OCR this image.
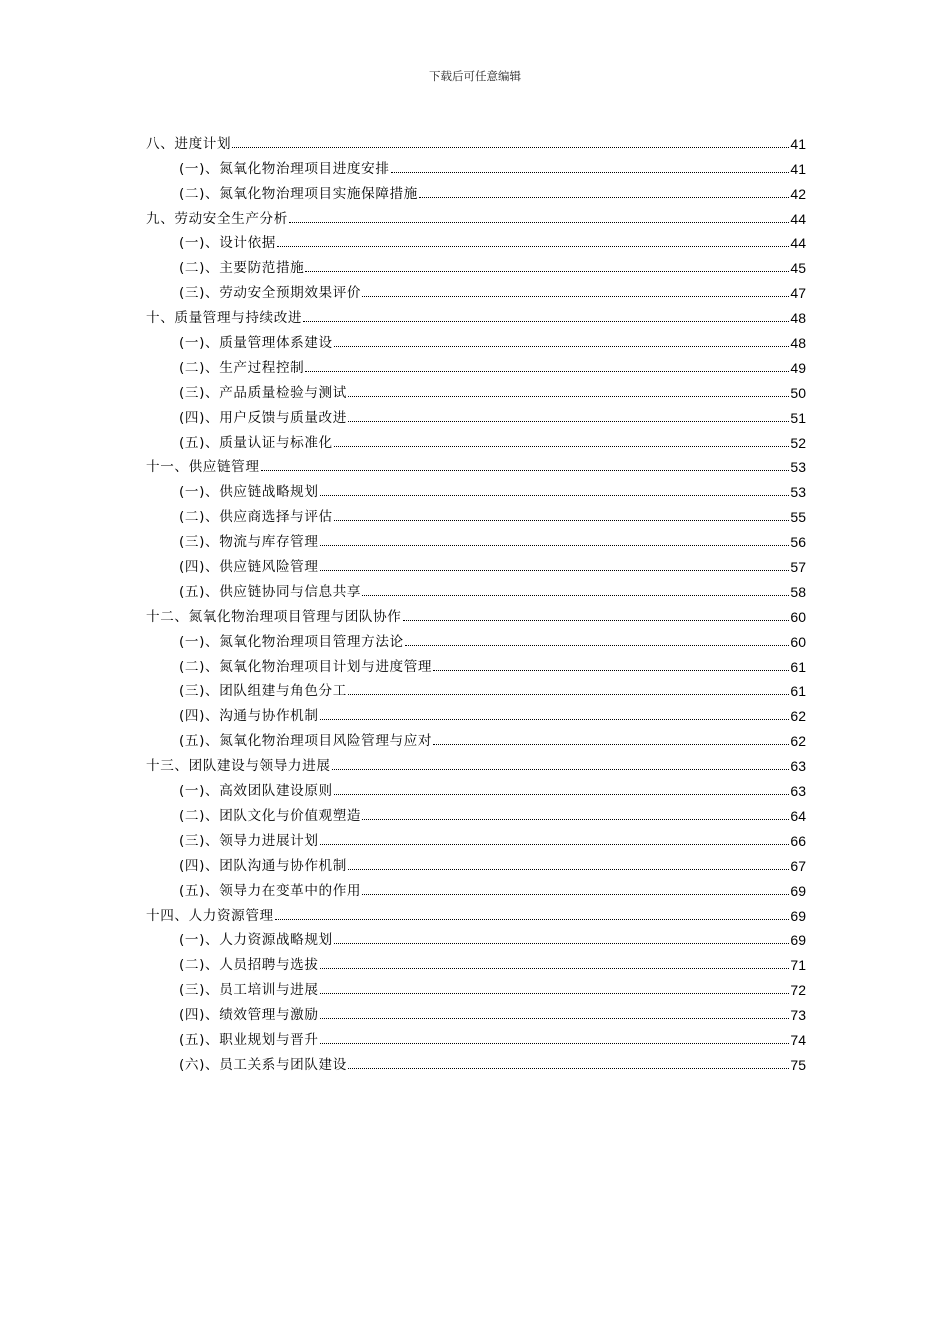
下载后可任意编辑
八、进度计划	41
(一)、氮氧化物治理项目进度安排	41
(二)、氮氧化物治理项目实施保障措施	42
九、劳动安全生产分析	44
(一)、设计依据	44
(二)、主要防范措施	45
(三)、劳动安全预期效果评价	47
十、质量管理与持续改进	48
(一)、质量管理体系建设	48
(二)、生产过程控制	49
(三)、产品质量检验与测试	50
(四)、用户反馈与质量改进	51
(五)、质量认证与标准化	52
十一、供应链管理	53
(一)、供应链战略规划	53
(二)、供应商选择与评估	55
(三)、物流与库存管理	56
(四)、供应链风险管理	57
(五)、供应链协同与信息共享	58
十二、氮氧化物治理项目管理与团队协作	60
(一)、氮氧化物治理项目管理方法论	60
(二)、氮氧化物治理项目计划与进度管理	61
(三)、团队组建与角色分工	61
(四)、沟通与协作机制	62
(五)、氮氧化物治理项目风险管理与应对	62
十三、团队建设与领导力进展	63
(一)、高效团队建设原则	63
(二)、团队文化与价值观塑造	64
(三)、领导力进展计划	66
(四)、团队沟通与协作机制	67
(五)、领导力在变革中的作用	69
十四、人力资源管理	69
(一)、人力资源战略规划	69
(二)、人员招聘与选拔	71
(三)、员工培训与进展	72
(四)、绩效管理与激励	73
(五)、职业规划与晋升	74
(六)、员工关系与团队建设	75
